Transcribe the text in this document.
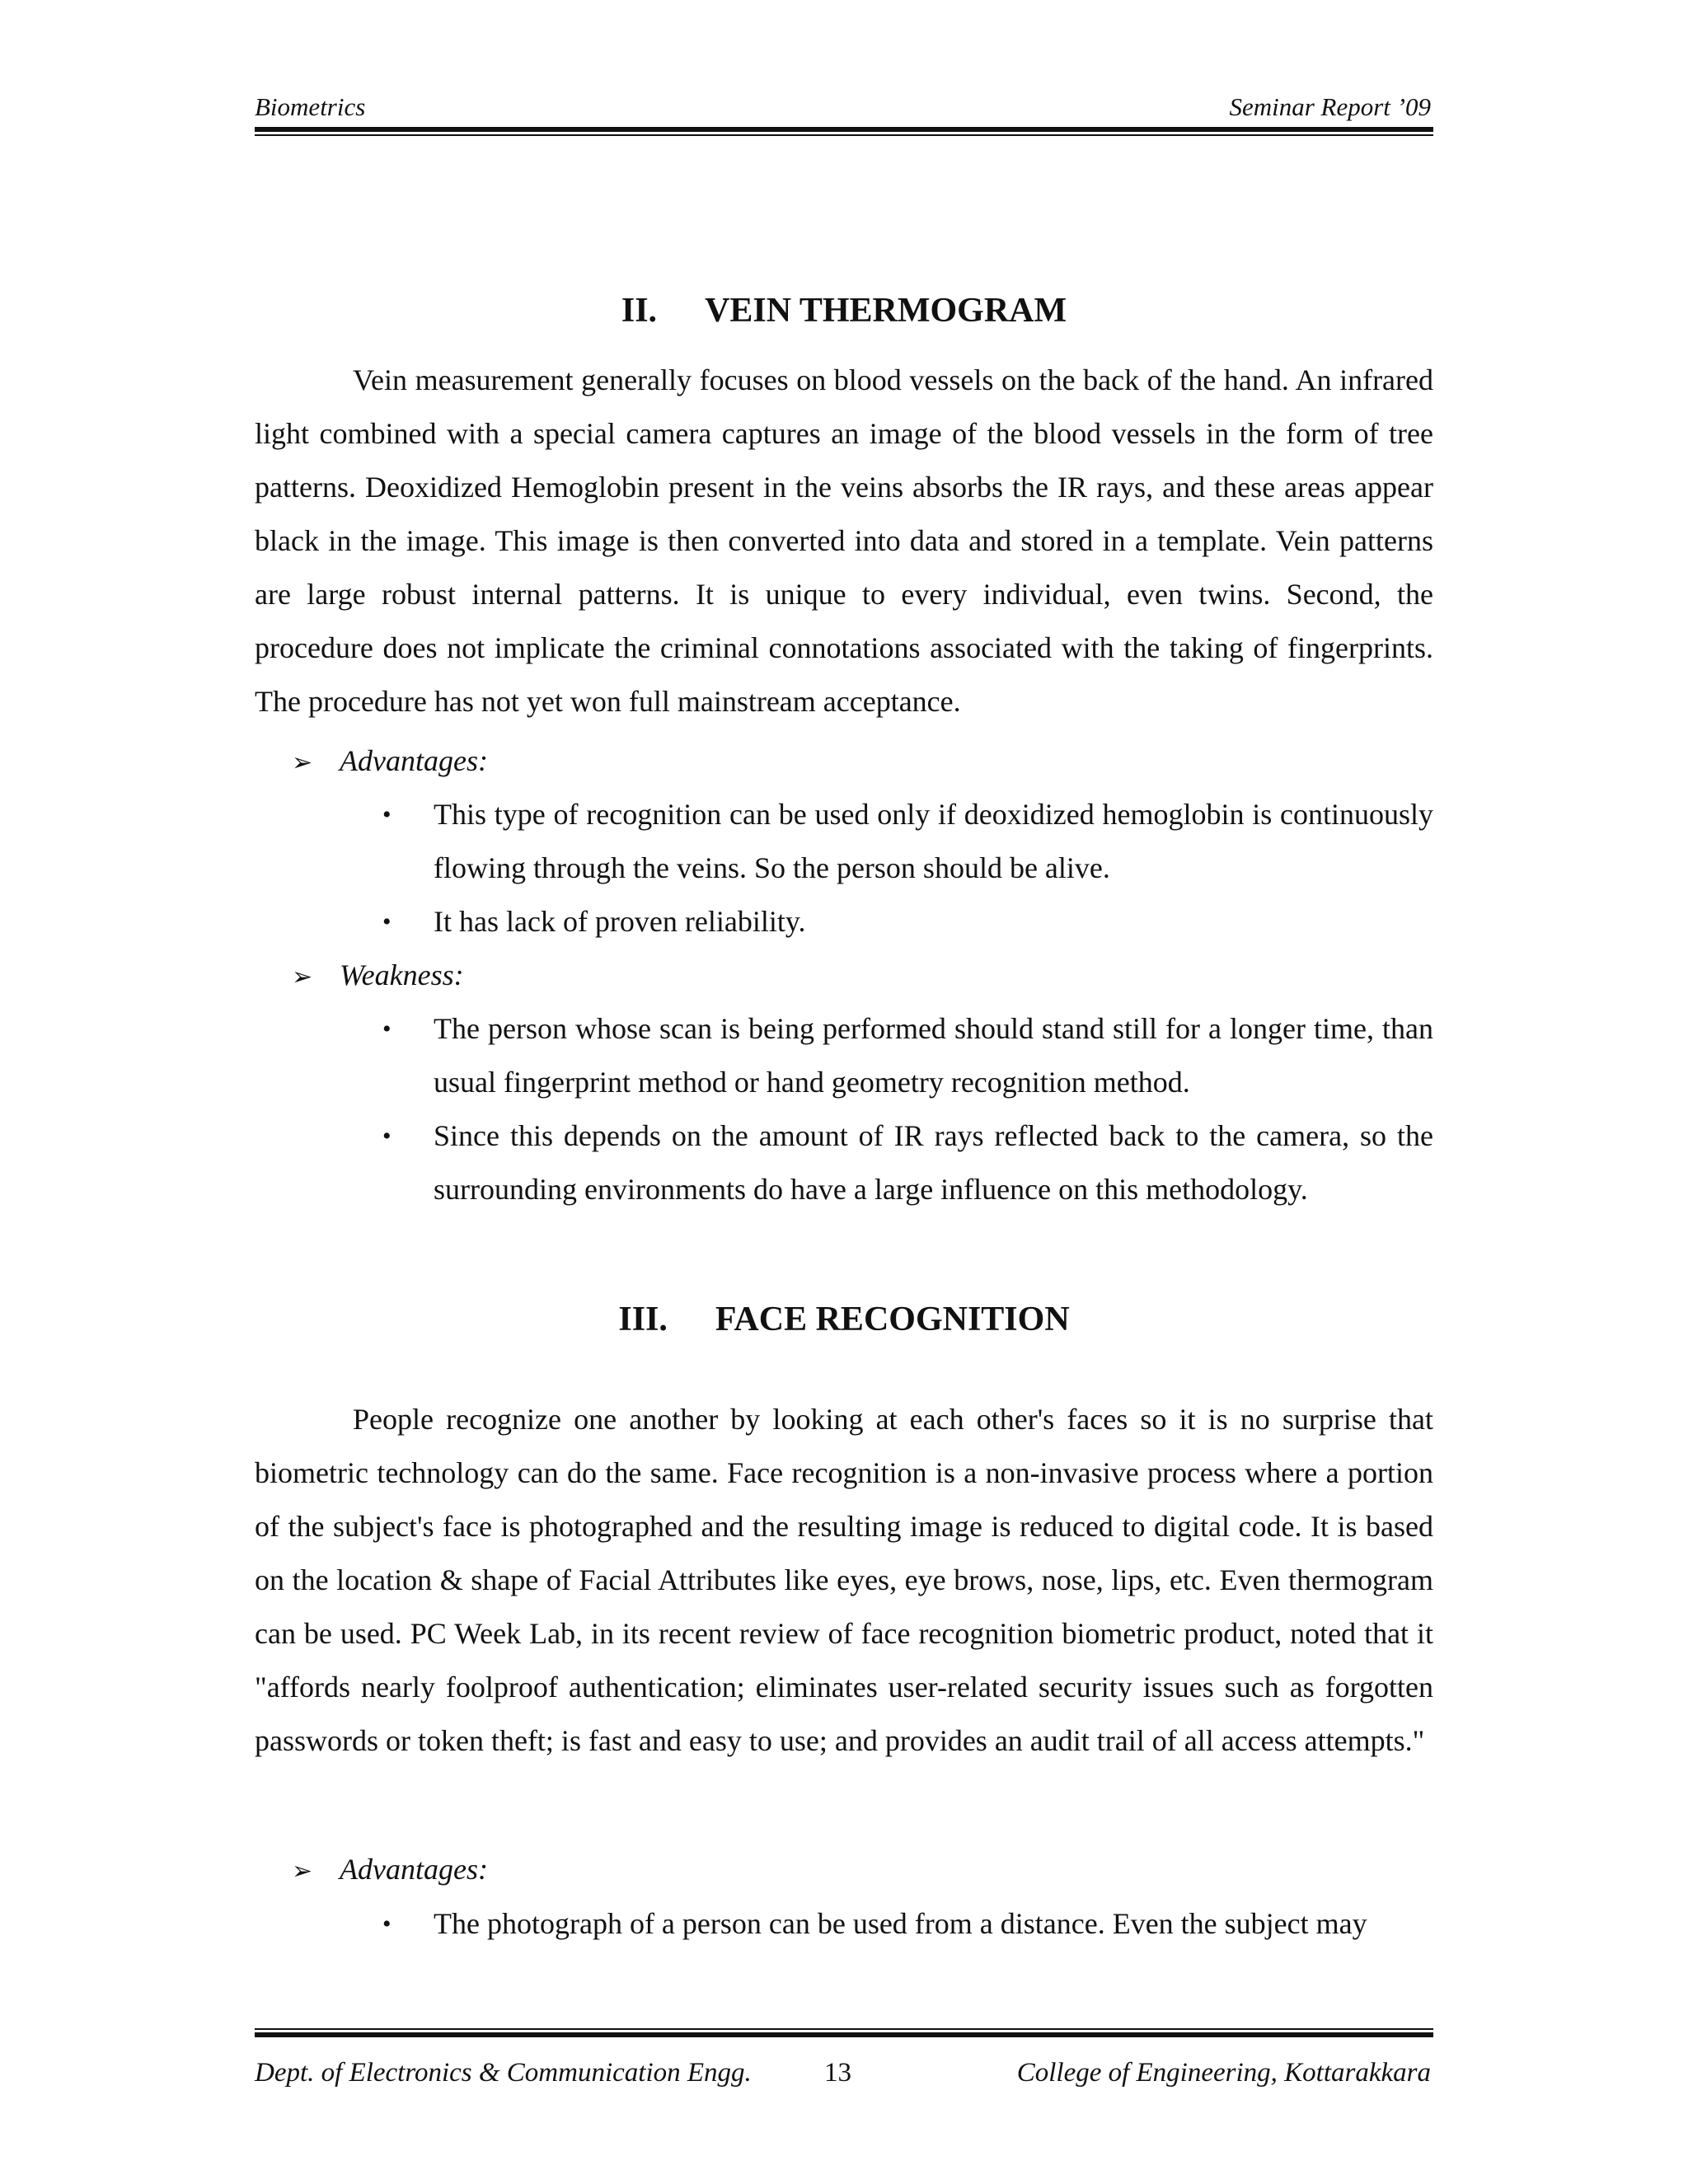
Biometrics	Seminar Report ’09
II. VEIN THERMOGRAM

Vein measurement generally focuses on blood vessels on the back of the hand. An infrared light combined with a special camera captures an image of the blood vessels in the form of tree patterns. Deoxidized Hemoglobin present in the veins absorbs the IR rays, and these areas appear black in the image. This image is then converted into data and stored in a template. Vein patterns are large robust internal patterns. It is unique to every individual, even twins. Second, the procedure does not implicate the criminal connotations associated with the taking of fingerprints. The procedure has not yet won full mainstream acceptance.

➢ Advantages:
• This type of recognition can be used only if deoxidized hemoglobin is continuously flowing through the veins. So the person should be alive.
• It has lack of proven reliability.
➢ Weakness:
• The person whose scan is being performed should stand still for a longer time, than usual fingerprint method or hand geometry recognition method.
• Since this depends on the amount of IR rays reflected back to the camera, so the surrounding environments do have a large influence on this methodology.
III. FACE RECOGNITION

People recognize one another by looking at each other's faces so it is no surprise that biometric technology can do the same. Face recognition is a non-invasive process where a portion of the subject's face is photographed and the resulting image is reduced to digital code. It is based on the location & shape of Facial Attributes like eyes, eye brows, nose, lips, etc. Even thermogram can be used. PC Week Lab, in its recent review of face recognition biometric product, noted that it "affords nearly foolproof authentication; eliminates user-related security issues such as forgotten passwords or token theft; is fast and easy to use; and provides an audit trail of all access attempts."

➢ Advantages:
• The photograph of a person can be used from a distance. Even the subject may
Dept. of Electronics & Communication Engg.	13	College of Engineering, Kottarakkara
